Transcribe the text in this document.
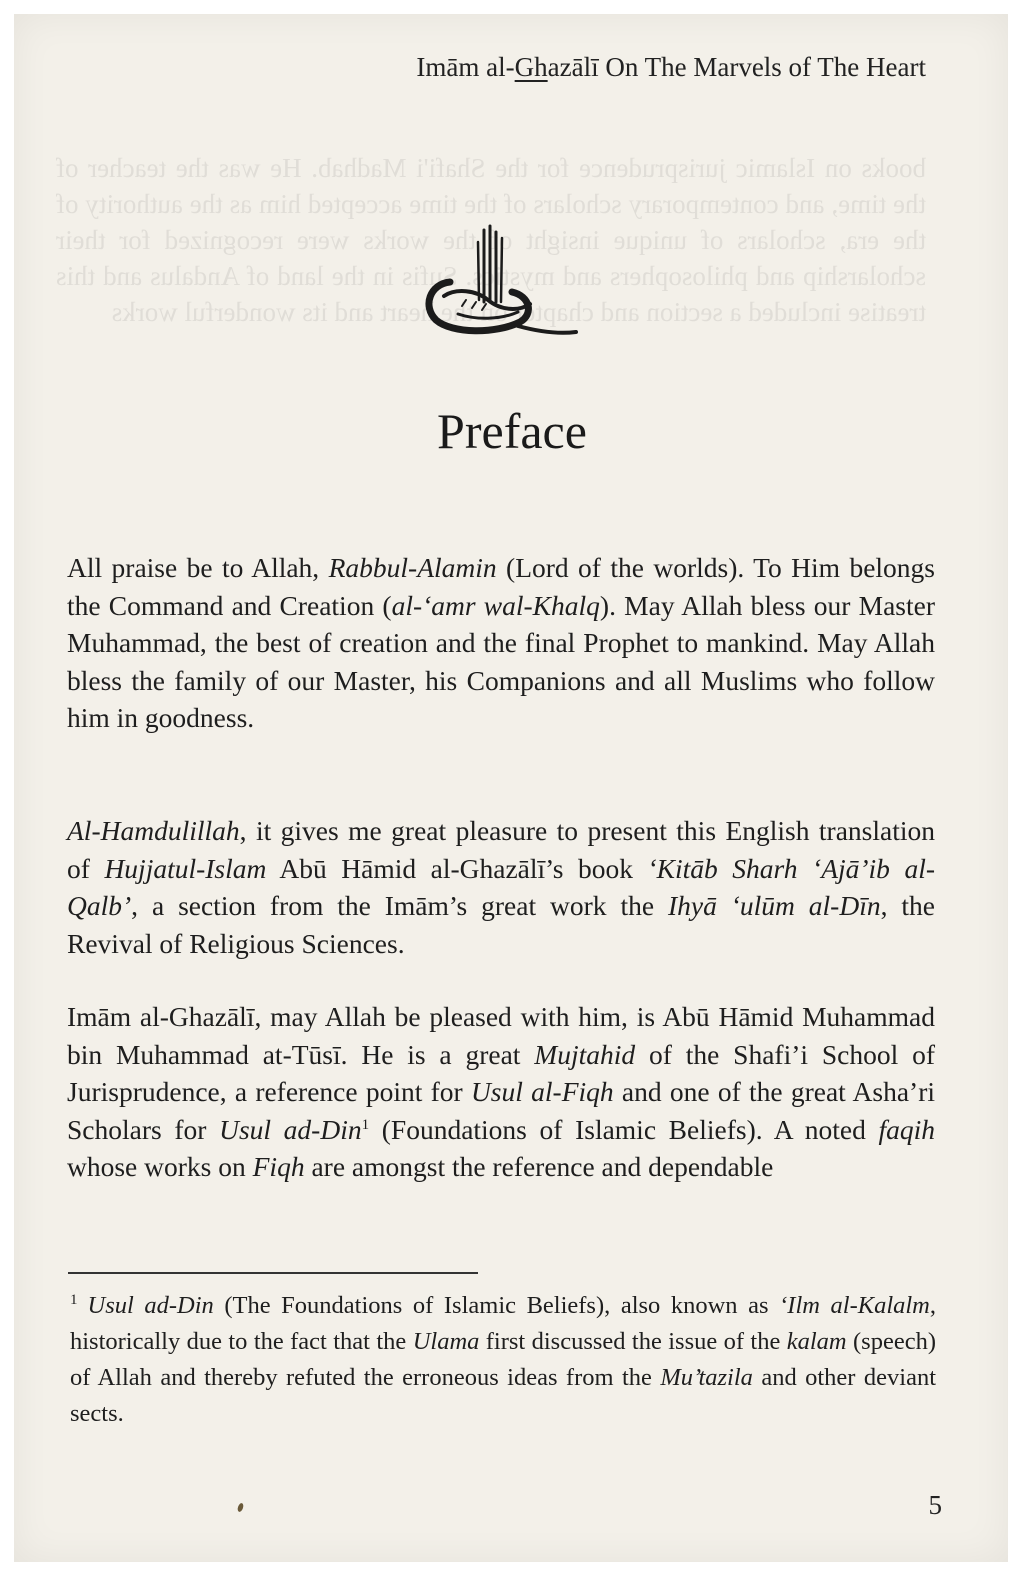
books on Islamic jurisprudence for the Shafi'i Madhab. He was the teacher of the time, and contemporary scholars of the time accepted him as the authority of the era, scholars of unique insight of the works were recognized for their scholarship and philosophers and mystics. Sufis in the land of Andalus and this treatise included a section and chapter on the heart and its wonderful works
Imām al-Ghazālī On The Marvels of The Heart
Preface
All praise be to Allah, Rabbul-Alamin (Lord of the worlds). To Him belongs the Command and Creation (al-‘amr wal-Khalq). May Allah bless our Master Muhammad, the best of creation and the final Prophet to mankind. May Allah bless the family of our Master, his Companions and all Muslims who follow him in goodness.
Al-Hamdulillah, it gives me great pleasure to present this English translation of Hujjatul-Islam Abū Hāmid al-Ghazālī’s book ‘Kitāb Sharh ‘Ajā’ib al-Qalb’, a section from the Imām’s great work the Ihyā ‘ulūm al-Dīn, the Revival of Religious Sciences.
Imām al-Ghazālī, may Allah be pleased with him, is Abū Hāmid Muhammad bin Muhammad at-Tūsī. He is a great Mujtahid of the Shafi’i School of Jurisprudence, a reference point for Usul al-Fiqh and one of the great Asha’ri Scholars for Usul ad-Din$^1$ (Foundations of Islamic Beliefs). A noted faqih whose works on Fiqh are amongst the reference and dependable
$^1$ Usul ad-Din (The Foundations of Islamic Beliefs), also known as ‘Ilm al-Kalalm, historically due to the fact that the Ulama first discussed the issue of the kalam (speech) of Allah and thereby refuted the erroneous ideas from the Mu’tazila and other deviant sects.
5
